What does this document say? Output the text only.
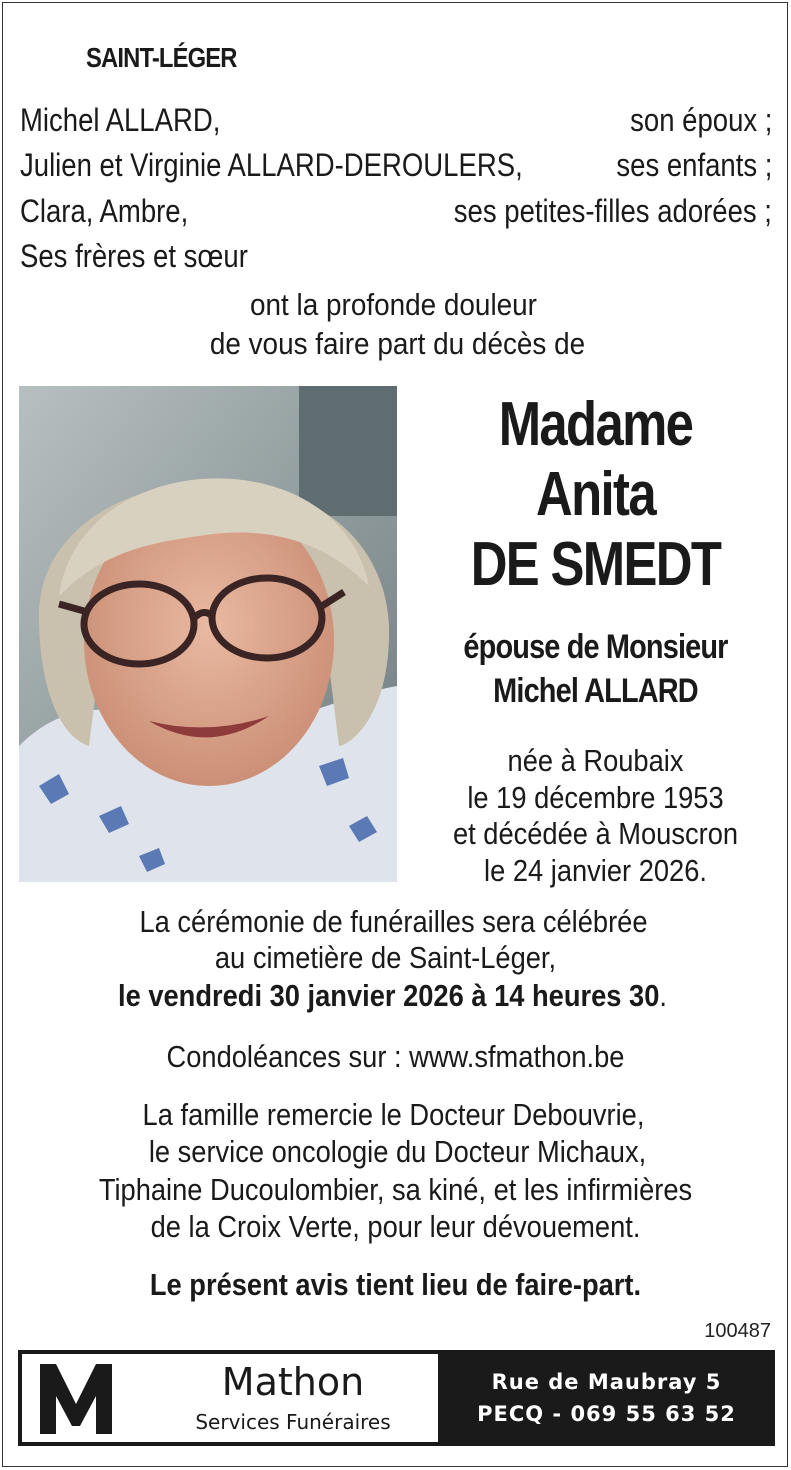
SAINT-LÉGER
Michel ALLARD,	son époux ;
Julien et Virginie ALLARD-DEROULERS,	ses enfants ;
Clara, Ambre,	ses petites-filles adorées ;
Ses frères et sœur
ont la profonde douleur
de vous faire part du décès de
Madame
Anita
DE SMEDT
épouse de Monsieur
Michel ALLARD
née à Roubaix
le 19 décembre 1953
et décédée à Mouscron
le 24 janvier 2026.
La cérémonie de funérailles sera célébrée
au cimetière de Saint-Léger,
le vendredi 30 janvier 2026 à 14 heures 30.
Condoléances sur : www.sfmathon.be
La famille remercie le Docteur Debouvrie,
le service oncologie du Docteur Michaux,
Tiphaine Ducoulombier, sa kiné, et les infirmières
de la Croix Verte, pour leur dévouement.
Le présent avis tient lieu de faire-part.
100487
Mathon
Services Funéraires
Rue de Maubray 5
PECQ - 069 55 63 52
